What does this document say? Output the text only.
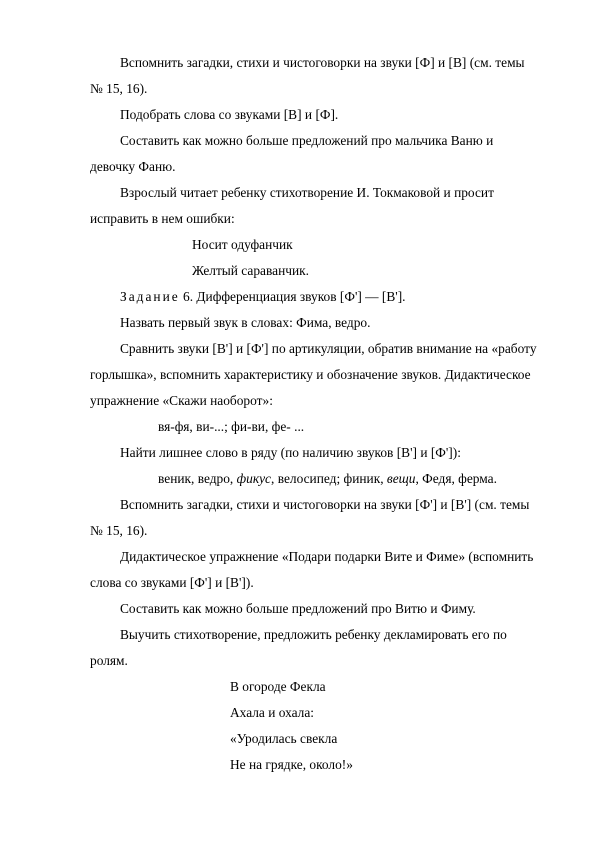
Вспомнить загадки, стихи и чистоговорки на звуки [Ф] и [В] (см. темы
№ 15, 16).
Подобрать слова со звуками [В] и [Ф].
Составить как можно больше предложений про мальчика Ваню и
девочку Фаню.
Взрослый читает ребенку стихотворение И. Токмаковой и просит
исправить в нем ошибки:
Носит одуфанчик
Желтый сараванчик.
Задание 6. Дифференциация звуков [Ф'] — [В'].
Назвать первый звук в словах: Фима, ведро.
Сравнить звуки [В'] и [Ф'] по артикуляции, обратив внимание на «работу
горлышка», вспомнить характеристику и обозначение звуков. Дидактическое
упражнение «Скажи наоборот»:
вя-фя, ви-...; фи-ви, фе- ...
Найти лишнее слово в ряду (по наличию звуков [В'] и [Ф']):
веник, ведро, фикус, велосипед; финик, вещи, Федя, ферма.
Вспомнить загадки, стихи и чистоговорки на звуки [Ф'] и [В'] (см. темы
№ 15, 16).
Дидактическое упражнение «Подари подарки Вите и Фиме» (вспомнить
слова со звуками [Ф'] и [В']).
Составить как можно больше предложений про Витю и Фиму.
Выучить стихотворение, предложить ребенку декламировать его по
ролям.
В огороде Фекла
Ахала и охала:
«Уродилась свекла
Не на грядке, около!»
